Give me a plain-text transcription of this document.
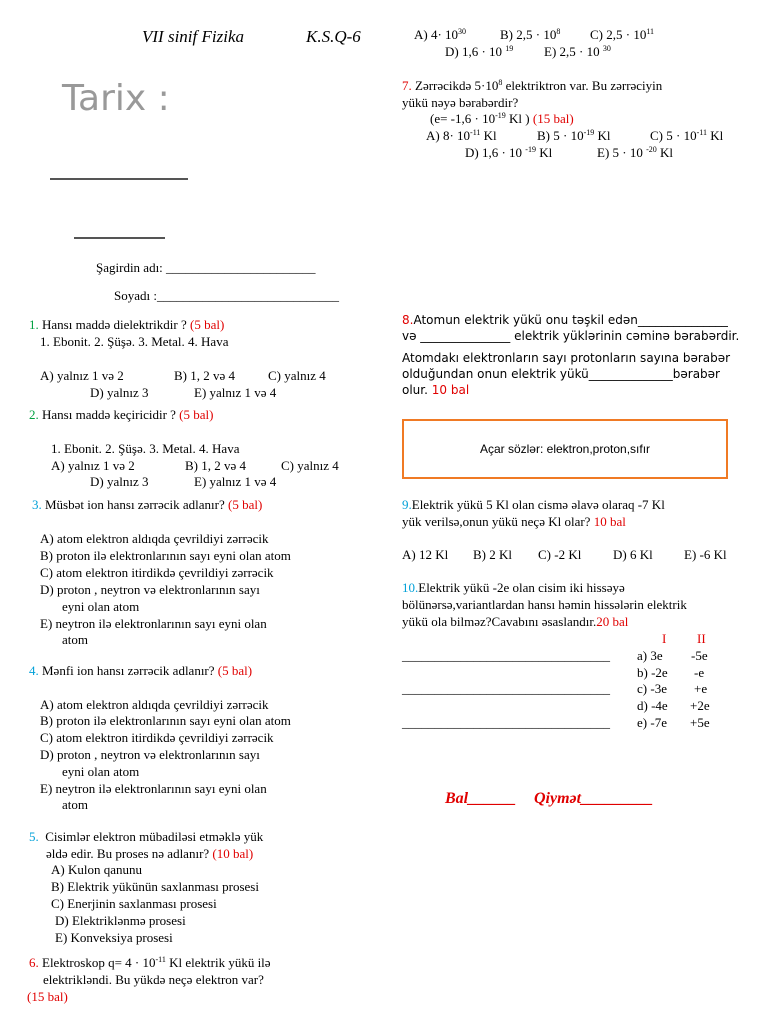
VII sinif Fizika	K.S.Q-6
Tarix :
Şagirdin adı: _______________________
Soyadı :____________________________
1. Hansı maddə dielektrikdir ? (5 bal)
1. Ebonit. 2. Şüşə. 3. Metal. 4. Hava
A) yalnız 1 və 2	B) 1, 2 və 4	C) yalnız 4
D) yalnız 3	E) yalnız 1 və 4
2. Hansı maddə keçiricidir ? (5 bal)
1. Ebonit. 2. Şüşə. 3. Metal. 4. Hava
A) yalnız 1 və 2	B) 1, 2 və 4	C) yalnız 4
D) yalnız 3	E) yalnız 1 və 4
3. Müsbət ion hansı zərrəcik adlanır? (5 bal)
A) atom elektron aldıqda çevrildiyi zərrəcik
B) proton ilə elektronlarının sayı eyni olan atom
C) atom elektron itirdikdə çevrildiyi zərrəcik
D) proton , neytron və elektronlarının sayı
eyni olan atom
E) neytron ilə elektronlarının sayı eyni olan
atom
4. Mənfi ion hansı zərrəcik adlanır? (5 bal)
A) atom elektron aldıqda çevrildiyi zərrəcik
B) proton ilə elektronlarının sayı eyni olan atom
C) atom elektron itirdikdə çevrildiyi zərrəcik
D) proton , neytron və elektronlarının sayı
eyni olan atom
E) neytron ilə elektronlarının sayı eyni olan
atom
5. Cisimlər elektron mübadiləsi etməklə yük
əldə edir. Bu proses nə adlanır? (10 bal)
A) Kulon qanunu
B) Elektrik yükünün saxlanması prosesi
C) Enerjinin saxlanması prosesi
D) Elektriklənmə prosesi
E) Konveksiya prosesi
6. Elektroskop $q= 4 \cdot 10^{-11}$ Kl elektrik yükü ilə
elektrikləndi. Bu yükdə neçə elektron var?
(15 bal)
A) $4\cdot 10^{30}$	B) $2,5 \cdot 10^8$ C) $2,5 \cdot 10^{11}$
D) 1,6 · 10 $^{19}$ E) 2,5 · 10 $^{30}$
7. Zərrəcikdə $5\cdot 10^8$ elektriktron var. Bu zərrəciyin
yükü nəyə bərabərdir?
($e= -1,6 \cdot 10^{-19}$ Kl ) (15 bal)
A) $8\cdot 10^{-11}$ Kl	B) $5 \cdot 10^{-19}$ Kl	C) $5 \cdot 10^{-11}$ Kl
D) 1,6 · 10 $^{-19}$ Kl	E) 5 · 10 $^{-20}$ Kl
8.Atomun elektrik yükü onu təşkil edən_______________
və _______________ elektrik yüklərinin cəminə bərabərdir.
Atomdakı elektronların sayı protonların sayına bərabər
olduğundan onun elektrik yükü______________bərabər
olur. 10 bal
Açar sözlər: elektron,proton,sıfır
9.Elektrik yükü 5 Kl olan cismə əlavə olaraq -7 Kl
yük verilsə,onun yükü neçə Kl olar? 10 bal
A) 12 Kl B) 2 Kl C) -2 Kl D) 6 Kl E) -6 Kl
10.Elektrik yükü -2e olan cisim iki hissəyə
bölünərsə,variantlardan hansı həmin hissələrin elektrik
yükü ola bilməz?Cavabını əsaslandır.20 bal
I II
________________________________
________________________________
________________________________
a) 3e -5e
b) -2e -e
c) -3e +e
d) -4e +2e
e) -7e +5e
Bal______ Qiymət_________
